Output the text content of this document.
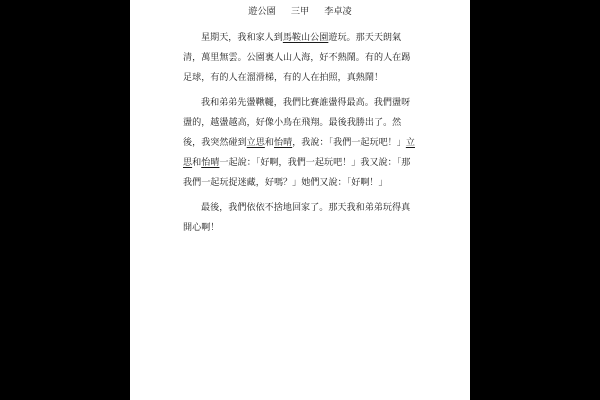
遊公園 三甲 李卓凌
星期天，我和家人到馬鞍山公園遊玩。那天天朗氣
清，萬里無雲。公園裏人山人海，好不熱鬧。有的人在踢
足球，有的人在溜滑梯，有的人在拍照，真熱鬧！
我和弟弟先盪鞦韆，我們比賽誰盪得最高。我們盪呀
盪的，越盪越高，好像小鳥在飛翔。最後我勝出了。然
後，我突然碰到立思和怡晴，我說：「我們一起玩吧！」立
思和怡晴一起說：「好啊，我們一起玩吧！」我又說：「那
我們一起玩捉迷藏，好嗎？」她們又說：「好啊！」
最後，我們依依不捨地回家了。那天我和弟弟玩得真
開心啊！
